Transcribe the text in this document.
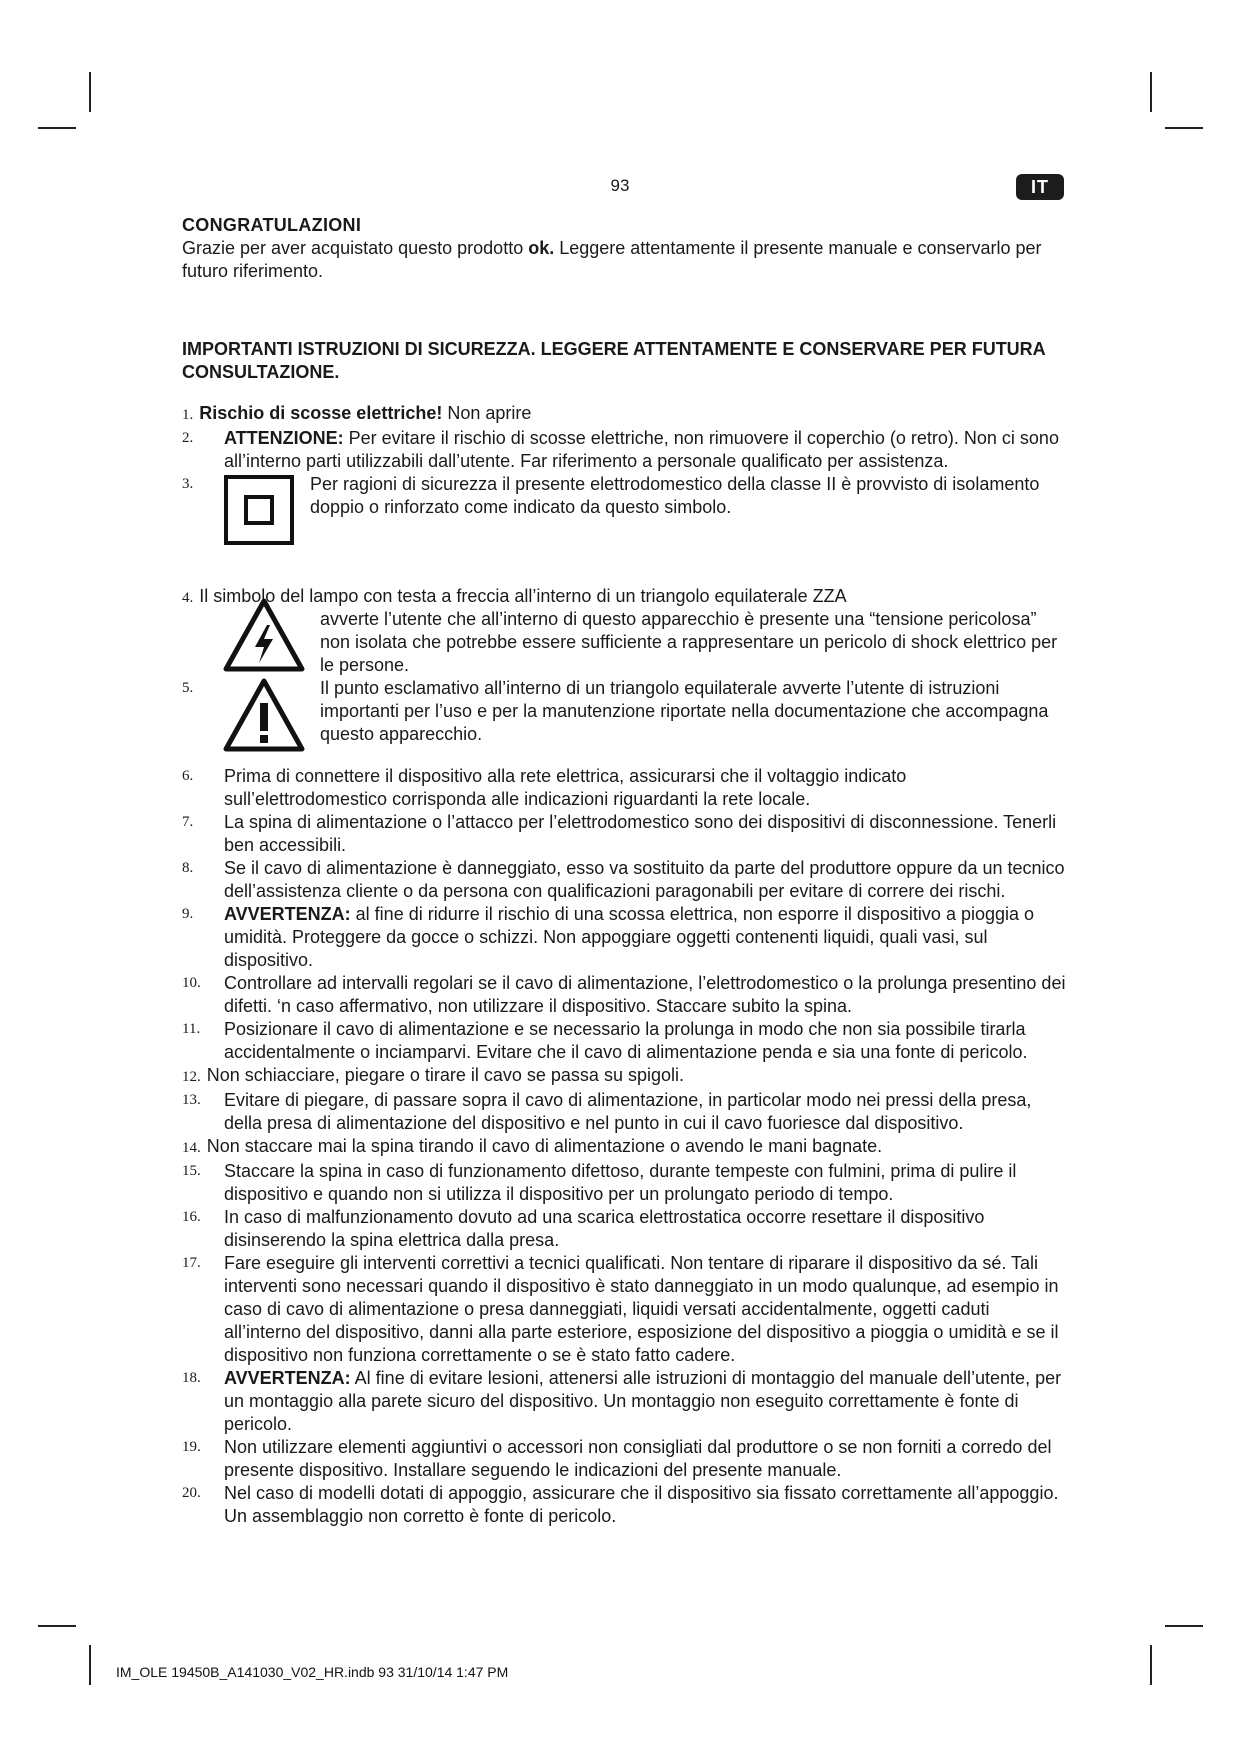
93	IT

CONGRATULAZIONI

Grazie per aver acquistato questo prodotto ok. Leggere attentamente il presente manuale e conservarlo per futuro riferimento.

IMPORTANTI ISTRUZIONI DI SICUREZZA. LEGGERE ATTENTAMENTE E CONSERVARE PER FUTURA CONSULTAZIONE.

1. Rischio di scosse elettriche! Non aprire
2. ATTENZIONE: Per evitare il rischio di scosse elettriche, non rimuovere il coperchio (o retro). Non ci sono all’interno parti utilizzabili dall’utente. Far riferimento a personale qualificato per assistenza.
3.	Per ragioni di sicurezza il presente elettrodomestico della classe II è provvisto di isolamento doppio o rinforzato come indicato da questo simbolo.
4. Il simbolo del lampo con testa a freccia all’interno di un triangolo equilaterale ZZA
avverte l’utente che all’interno di questo apparecchio è presente una “tensione pericolosa” non isolata che potrebbe essere sufficiente a rappresentare un pericolo di shock elettrico per le persone.
5.	Il punto esclamativo all’interno di un triangolo equilaterale avverte l’utente di istruzioni importanti per l’uso e per la manutenzione riportate nella documentazione che accompagna questo apparecchio.
6. Prima di connettere il dispositivo alla rete elettrica, assicurarsi che il voltaggio indicato sull’elettrodomestico corrisponda alle indicazioni riguardanti la rete locale.
7. La spina di alimentazione o l’attacco per l’elettrodomestico sono dei dispositivi di disconnessione. Tenerli ben accessibili.
8. Se il cavo di alimentazione è danneggiato, esso va sostituito da parte del produttore oppure da un tecnico dell’assistenza cliente o da persona con qualificazioni paragonabili per evitare di correre dei rischi.
9. AVVERTENZA: al fine di ridurre il rischio di una scossa elettrica, non esporre il dispositivo a pioggia o umidità. Proteggere da gocce o schizzi. Non appoggiare oggetti contenenti liquidi, quali vasi, sul dispositivo.
10. Controllare ad intervalli regolari se il cavo di alimentazione, l’elettrodomestico o la prolunga presentino dei difetti. ‘n caso affermativo, non utilizzare il dispositivo. Staccare subito la spina.
11. Posizionare il cavo di alimentazione e se necessario la prolunga in modo che non sia possibile tirarla accidentalmente o inciamparvi. Evitare che il cavo di alimentazione penda e sia una fonte di pericolo.
12. Non schiacciare, piegare o tirare il cavo se passa su spigoli.
13. Evitare di piegare, di passare sopra il cavo di alimentazione, in particolar modo nei pressi della presa, della presa di alimentazione del dispositivo e nel punto in cui il cavo fuoriesce dal dispositivo.
14. Non staccare mai la spina tirando il cavo di alimentazione o avendo le mani bagnate.
15. Staccare la spina in caso di funzionamento difettoso, durante tempeste con fulmini, prima di pulire il dispositivo e quando non si utilizza il dispositivo per un prolungato periodo di tempo.
16. In caso di malfunzionamento dovuto ad una scarica elettrostatica occorre resettare il dispositivo disinserendo la spina elettrica dalla presa.
17. Fare eseguire gli interventi correttivi a tecnici qualificati. Non tentare di riparare il dispositivo da sé. Tali interventi sono necessari quando il dispositivo è stato danneggiato in un modo qualunque, ad esempio in caso di cavo di alimentazione o presa danneggiati, liquidi versati accidentalmente, oggetti caduti all’interno del dispositivo, danni alla parte esteriore, esposizione del dispositivo a pioggia o umidità e se il dispositivo non funziona correttamente o se è stato fatto cadere.
18. AVVERTENZA: Al fine di evitare lesioni, attenersi alle istruzioni di montaggio del manuale dell’utente, per un montaggio alla parete sicuro del dispositivo. Un montaggio non eseguito correttamente è fonte di pericolo.
19. Non utilizzare elementi aggiuntivi o accessori non consigliati dal produttore o se non forniti a corredo del presente dispositivo. Installare seguendo le indicazioni del presente manuale.
20. Nel caso di modelli dotati di appoggio, assicurare che il dispositivo sia fissato correttamente all’appoggio. Un assemblaggio non corretto è fonte di pericolo.
IM_OLE 19450B_A141030_V02_HR.indb 93 31/10/14 1:47 PM
